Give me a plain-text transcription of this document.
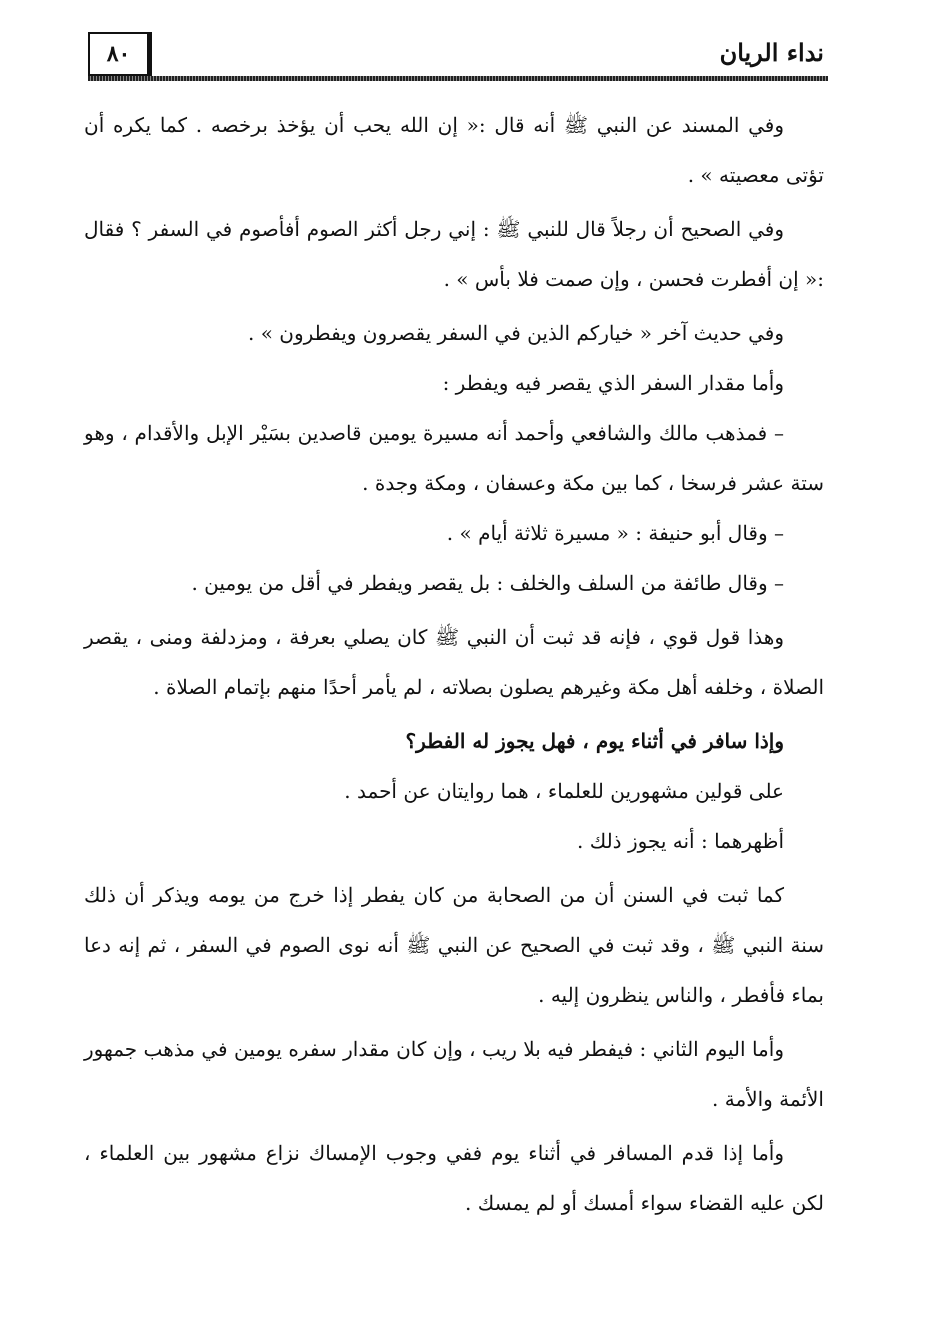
٨٠	نداء الريان

وفي المسند عن النبي ﷺ أنه قال :« إن الله يحب أن يؤخذ برخصه . كما يكره أن تؤتى معصيته » .

وفي الصحيح أن رجلاً قال للنبي ﷺ : إني رجل أكثر الصوم أفأصوم في السفر ؟ فقال :« إن أفطرت فحسن ، وإن صمت فلا بأس » .

وفي حديث آخر « خياركم الذين في السفر يقصرون ويفطرون » .

وأما مقدار السفر الذي يقصر فيه ويفطر :

– فمذهب مالك والشافعي وأحمد أنه مسيرة يومين قاصدين بسَيْر الإبل والأقدام ، وهو ستة عشر فرسخا ، كما بين مكة وعسفان ، ومكة وجدة .

– وقال أبو حنيفة : « مسيرة ثلاثة أيام » .

– وقال طائفة من السلف والخلف : بل يقصر ويفطر في أقل من يومين .

وهذا قول قوي ، فإنه قد ثبت أن النبي ﷺ كان يصلي بعرفة ، ومزدلفة ومنى ، يقصر الصلاة ، وخلفه أهل مكة وغيرهم يصلون بصلاته ، لم يأمر أحدًا منهم بإتمام الصلاة .

وإذا سافر في أثناء يوم ، فهل يجوز له الفطر؟

على قولين مشهورين للعلماء ، هما روايتان عن أحمد .

أظهرهما : أنه يجوز ذلك .

كما ثبت في السنن أن من الصحابة من كان يفطر إذا خرج من يومه ويذكر أن ذلك سنة النبي ﷺ ، وقد ثبت في الصحيح عن النبي ﷺ أنه نوى الصوم في السفر ، ثم إنه دعا بماء فأفطر ، والناس ينظرون إليه .

وأما اليوم الثاني : فيفطر فيه بلا ريب ، وإن كان مقدار سفره يومين في مذهب جمهور الأئمة والأمة .

وأما إذا قدم المسافر في أثناء يوم ففي وجوب الإمساك نزاع مشهور بين العلماء ، لكن عليه القضاء سواء أمسك أو لم يمسك .
